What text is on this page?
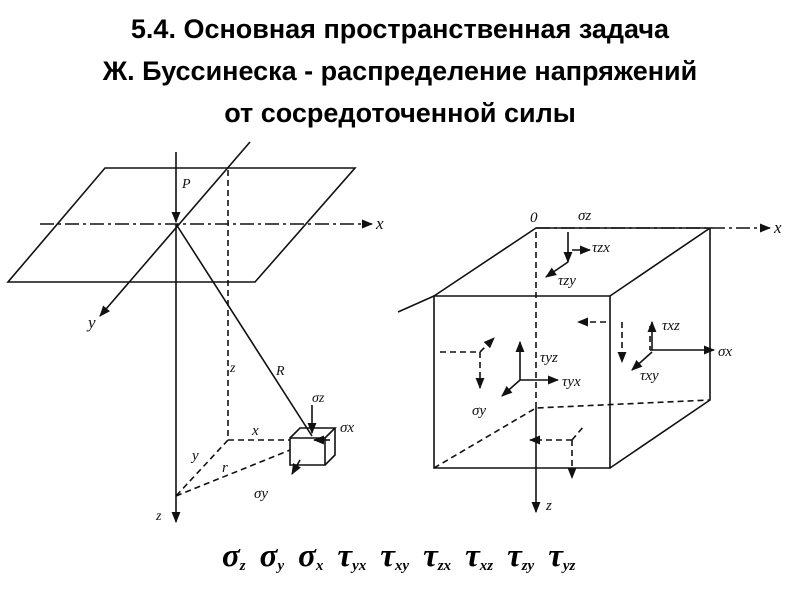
5.4. Основная пространственная задача
Ж. Буссинеска - распределение напряжений
от сосредоточенной силы
P
x
y
z	R
x
y
r
z
σz
σx
σy
0	x
z
σz
τzx
τzy
τxz
σx
τxy
τyz
τyx
σy
σz σy σx τyx τxy τzx τxz τzy τyz
